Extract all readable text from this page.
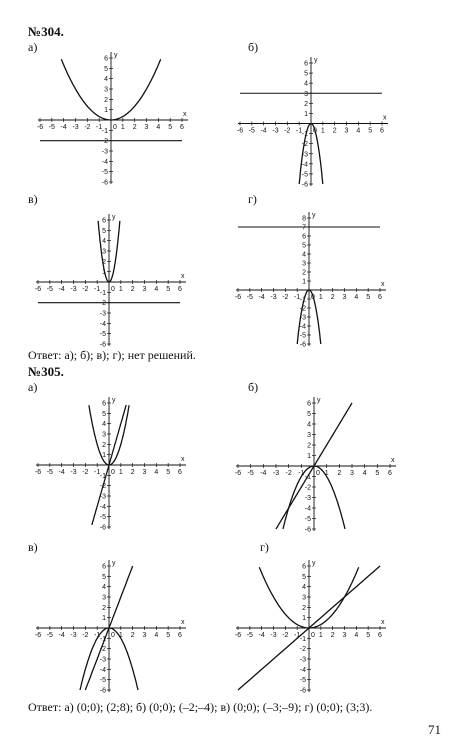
№304.
а)	б)
в)	г)
x
y
-6 -5 -4 -3 -2 -1	1 2 3 4 5 6
0
6
5
4
3
2
1
-1
-2
-3
-4
-5
-6
x
y
-6 -5 -4 -3 -2 -1	1 2 3 4 5 6
0
6
5
4
3
2
1
-1
-2
-3
-4
-5
-6
x
y
-6 -5 -4 -3 -2 -1	1 2 3 4 5 6
0
6
5
4
3
2
1
-1
-2
-3
-4
-5
-6
x
y
-6 -5 -4 -3 -2 -1	1 2 3 4 5 6
0
8
7
6
5
4
3
2
1
-1
-2
-3
-4
-5
-6
Ответ: а); б); в); г); нет решений.
№305.
а)	б)
в)	г)
x
y
-6 -5 -4 -3 -2 -1	1 2 3 4 5 6
0
6
5
4
3
2
1
-1
-2
-3
-4
-5
-6
x
y
-6 -5 -4 -3 -2 -1	1 2 3 4 5 6
0
6
5
4
3
2
1
-1
-2
-3
-4
-5
-6
x
y
-6 -5 -4 -3 -2 -1	1 2 3 4 5 6
0
6
5
4
3
2
1
-1
-2
-3
-4
-5
-6
x
y
-6 -5 -4 -3 -2 -1	1 2 3 4 5 6
0
6
5
4
3
2
1
-1
-2
-3
-4
-5
-6
Ответ: а) (0;0); (2;8); б) (0;0); (–2;–4); в) (0;0); (–3;–9); г) (0;0); (3;3).
71
